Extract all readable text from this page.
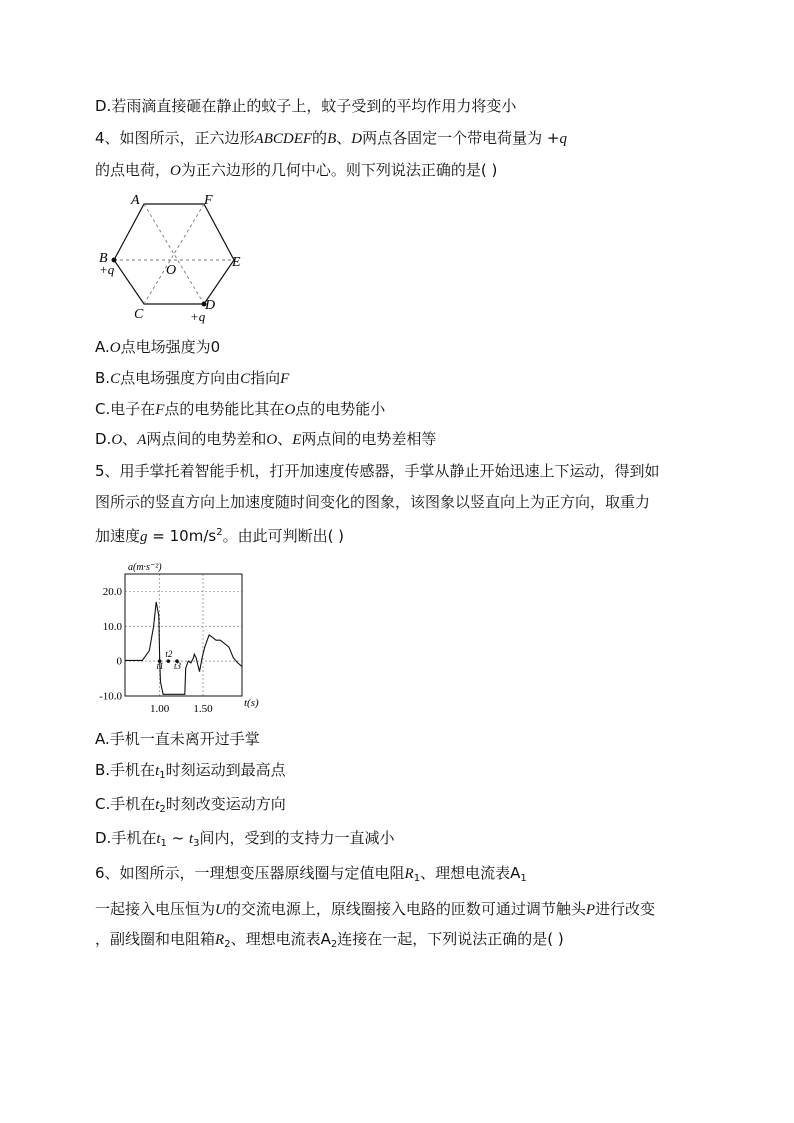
D.若雨滴直接砸在静止的蚊子上，蚊子受到的平均作用力将变小
4、如图所示，正六边形ABCDEF的B、D两点各固定一个带电荷量为 +q
的点电荷，O为正六边形的几何中心。则下列说法正确的是( )
A	F
B
+q	O
E
C
D
+q
A.O点电场强度为0
B.C点电场强度方向由C指向F
C.电子在F点的电势能比其在O点的电势能小
D.O、A两点间的电势差和O、E两点间的电势差相等
5、用手掌托着智能手机，打开加速度传感器，手掌从静止开始迅速上下运动，得到如
图所示的竖直方向上加速度随时间变化的图象，该图象以竖直向上为正方向，取重力
加速度$g = 10m/s^2$。由此可判断出( )
20.0
10.0
0
-10.0
1.00 1.50
t1
t2
t3
a(m·s⁻²)
t(s)
A.手机一直未离开过手掌
B.手机在$t_1$时刻运动到最高点
C.手机在$t_2$时刻改变运动方向
D.手机在$t_1$ ~ $t_3$间内，受到的支持力一直减小
6、如图所示，一理想变压器原线圈与定值电阻$R_1$、理想电流表$A_1$
一起接入电压恒为U的交流电源上，原线圈接入电路的匝数可通过调节触头P进行改变
，副线圈和电阻箱$R_2$、理想电流表$A_2$连接在一起，下列说法正确的是( )
